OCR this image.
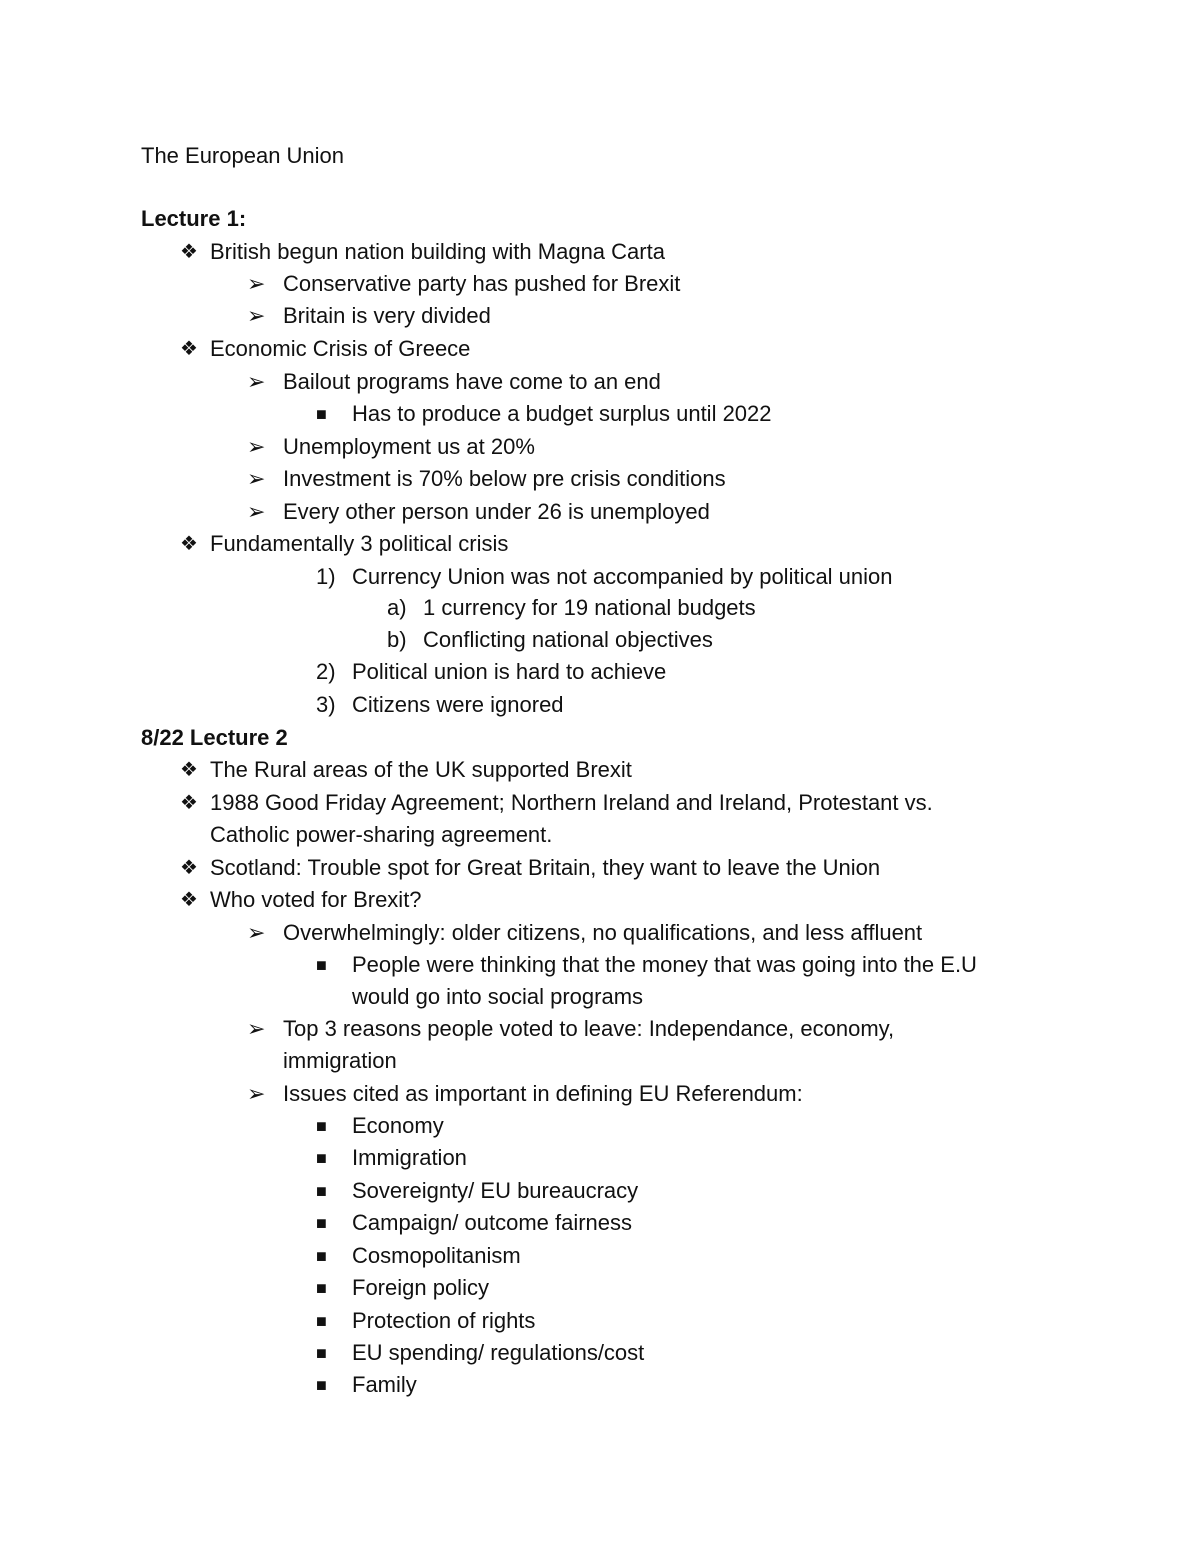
The European Union
Lecture 1:
❖ British begun nation building with Magna Carta
➢ Conservative party has pushed for Brexit
➢ Britain is very divided
❖ Economic Crisis of Greece
➢ Bailout programs have come to an end
■	Has to produce a budget surplus until 2022
➢ Unemployment us at 20%
➢ Investment is 70% below pre crisis conditions
➢ Every other person under 26 is unemployed
❖ Fundamentally 3 political crisis
1) Currency Union was not accompanied by political union
a) 1 currency for 19 national budgets
b) Conflicting national objectives
2) Political union is hard to achieve
3) Citizens were ignored
8/22 Lecture 2
❖ The Rural areas of the UK supported Brexit
❖ 1988 Good Friday Agreement; Northern Ireland and Ireland, Protestant vs.
Catholic power-sharing agreement.
❖ Scotland: Trouble spot for Great Britain, they want to leave the Union
❖ Who voted for Brexit?
➢ Overwhelmingly: older citizens, no qualifications, and less affluent
■	People were thinking that the money that was going into the E.U
would go into social programs
➢ Top 3 reasons people voted to leave: Independance, economy,
immigration
➢ Issues cited as important in defining EU Referendum:
■	Economy
■	Immigration
■	Sovereignty/ EU bureaucracy
■	Campaign/ outcome fairness
■	Cosmopolitanism
■	Foreign policy
■	Protection of rights
■	EU spending/ regulations/cost
■	Family
